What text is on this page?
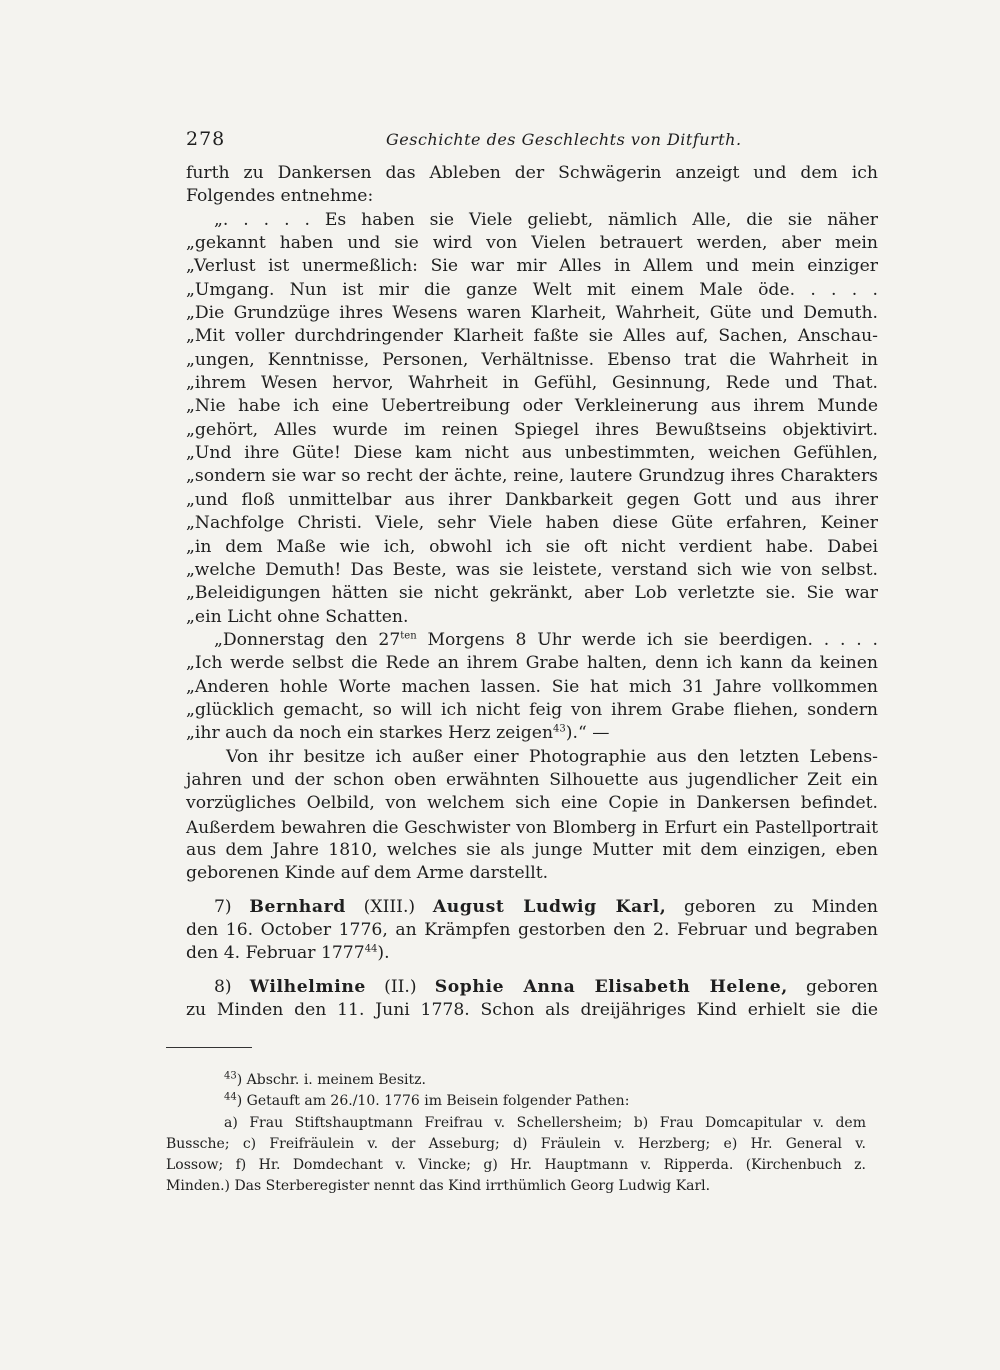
278	Geschichte des Geschlechts von Ditfurth.
furth zu Dankersen das Ableben der Schwägerin anzeigt und dem ich
Folgendes entnehme:
„. . . . . Es haben sie Viele geliebt, nämlich Alle, die sie näher
„gekannt haben und sie wird von Vielen betrauert werden, aber mein
„Verlust ist unermeßlich: Sie war mir Alles in Allem und mein einziger
„Umgang. Nun ist mir die ganze Welt mit einem Male öde. . . . .
„Die Grundzüge ihres Wesens waren Klarheit, Wahrheit, Güte und Demuth.
„Mit voller durchdringender Klarheit faßte sie Alles auf, Sachen, Anschau-
„ungen, Kenntnisse, Personen, Verhältnisse. Ebenso trat die Wahrheit in
„ihrem Wesen hervor, Wahrheit in Gefühl, Gesinnung, Rede und That.
„Nie habe ich eine Uebertreibung oder Verkleinerung aus ihrem Munde
„gehört, Alles wurde im reinen Spiegel ihres Bewußtseins objektivirt.
„Und ihre Güte! Diese kam nicht aus unbestimmten, weichen Gefühlen,
„sondern sie war so recht der ächte, reine, lautere Grundzug ihres Charakters
„und floß unmittelbar aus ihrer Dankbarkeit gegen Gott und aus ihrer
„Nachfolge Christi. Viele, sehr Viele haben diese Güte erfahren, Keiner
„in dem Maße wie ich, obwohl ich sie oft nicht verdient habe. Dabei
„welche Demuth! Das Beste, was sie leistete, verstand sich wie von selbst.
„Beleidigungen hätten sie nicht gekränkt, aber Lob verletzte sie. Sie war
„ein Licht ohne Schatten.
„Donnerstag den $27^{ten}$ Morgens 8 Uhr werde ich sie beerdigen. . . . .
„Ich werde selbst die Rede an ihrem Grabe halten, denn ich kann da keinen
„Anderen hohle Worte machen lassen. Sie hat mich 31 Jahre vollkommen
„glücklich gemacht, so will ich nicht feig von ihrem Grabe fliehen, sondern
„ihr auch da noch ein starkes Herz zeigen$^{43}$).“ —
Von ihr besitze ich außer einer Photographie aus den letzten Lebens-
jahren und der schon oben erwähnten Silhouette aus jugendlicher Zeit ein
vorzügliches Oelbild, von welchem sich eine Copie in Dankersen befindet.
Außerdem bewahren die Geschwister von Blomberg in Erfurt ein Pastellportrait
aus dem Jahre 1810, welches sie als junge Mutter mit dem einzigen, eben
geborenen Kinde auf dem Arme darstellt.
7) Bernhard (XIII.) August Ludwig Karl, geboren zu Minden
den 16. October 1776, an Krämpfen gestorben den 2. Februar und begraben
den 4. Februar 1777$^{44}$).
8) Wilhelmine (II.) Sophie Anna Elisabeth Helene, geboren
zu Minden den 11. Juni 1778. Schon als dreijähriges Kind erhielt sie die
$^{43}$) Abschr. i. meinem Besitz.
$^{44}$) Getauft am 26./10. 1776 im Beisein folgender Pathen:
a) Frau Stiftshauptmann Freifrau v. Schellersheim; b) Frau Domcapitular v. dem
Bussche; c) Freifräulein v. der Asseburg; d) Fräulein v. Herzberg; e) Hr. General v.
Lossow; f) Hr. Domdechant v. Vincke; g) Hr. Hauptmann v. Ripperda. (Kirchenbuch z.
Minden.) Das Sterberegister nennt das Kind irrthümlich Georg Ludwig Karl.
